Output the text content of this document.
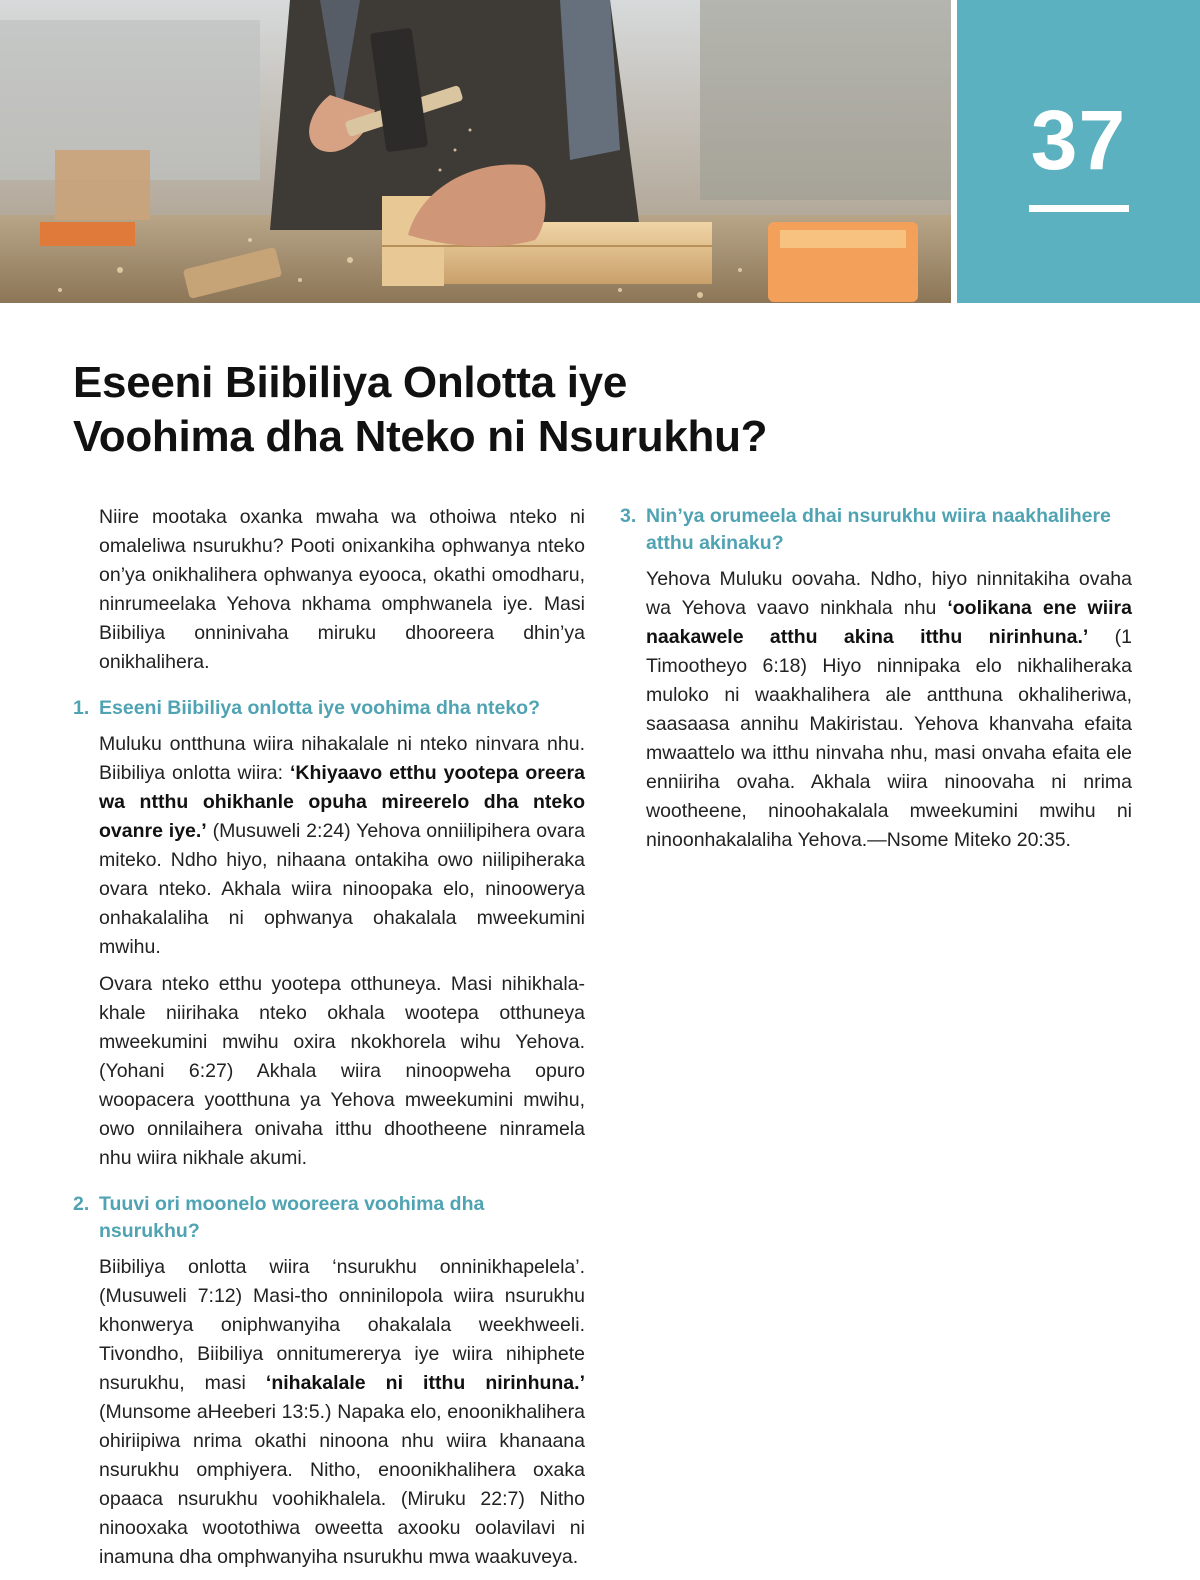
37
Eseeni Biibiliya Onlotta iye
Voohima dha Nteko ni Nsurukhu?

Niire mootaka oxanka mwaha wa othoiwa nteko ni omaleliwa nsurukhu? Pooti onixankiha ophwanya nteko on’ya onikhalihera ophwanya eyooca, okathi omodharu, ninrumeelaka Yehova nkhama omphwanela iye. Masi Biibiliya onninivaha miruku dhooreera dhin’ya onikhalihera.

1. Eseeni Biibiliya onlotta iye voohima dha nteko?

Muluku ontthuna wiira nihakalale ni nteko ninvara nhu. Biibiliya onlotta wiira: ‘Khiyaavo etthu yootepa oreera wa ntthu ohikhanle opuha mireerelo dha nteko ovanre iye.’ (Musuweli 2:24) Yehova onniilipihera ovara miteko. Ndho hiyo, nihaana ontakiha owo niilipiheraka ovara nteko. Akhala wiira ninoopaka elo, ninoowerya onhakalaliha ni ophwanya ohakalala mweekumini mwihu.

Ovara nteko etthu yootepa otthuneya. Masi nihikhala-khale niirihaka nteko okhala wootepa otthuneya mweekumini mwihu oxira nkokhorela wihu Yehova. (Yohani 6:27) Akhala wiira ninoopweha opuro woopacera yootthuna ya Yehova mweekumini mwihu, owo onnilaihera onivaha itthu dhootheene ninramela nhu wiira nikhale akumi.

2. Tuuvi ori moonelo wooreera voohima dha nsurukhu?

Biibiliya onlotta wiira ‘nsurukhu onninikhapelela’. (Musuweli 7:12) Masi-tho onninilopola wiira nsurukhu khonwerya oniphwanyiha ohakalala weekhweeli. Tivondho, Biibiliya onnitumererya iye wiira nihiphete nsurukhu, masi ‘nihakalale ni itthu nirinhuna.’ (Munsome aHeeberi 13:5.) Napaka elo, enoonikhalihera ohiriipiwa nrima okathi ninoona nhu wiira khanaana nsurukhu omphiyera. Nitho, enoonikhalihera oxaka opaaca nsurukhu voohikhalela. (Miruku 22:7) Nitho ninooxaka wootothiwa oweetta axooku oolavilavi ni inamuna dha omphwanyiha nsurukhu mwa waakuveya.

3. Nin’ya orumeela dhai nsurukhu wiira naakhalihere atthu akinaku?

Yehova Muluku oovaha. Ndho, hiyo ninnitakiha ovaha wa Yehova vaavo ninkhala nhu ‘oolikana ene wiira naakawele atthu akina itthu nirinhuna.’ (1 Timootheyo 6:18) Hiyo ninnipaka elo nikhaliheraka muloko ni waakhalihera ale antthuna okhaliheriwa, saasaasa annihu Makiristau. Yehova khanvaha efaita mwaattelo wa itthu ninvaha nhu, masi onvaha efaita ele enniiriha ovaha. Akhala wiira ninoovaha ni nrima wootheene, ninoohakalala mweekumini mwihu ni ninoonhakalaliha Yehova.—Nsome Miteko 20:35.
